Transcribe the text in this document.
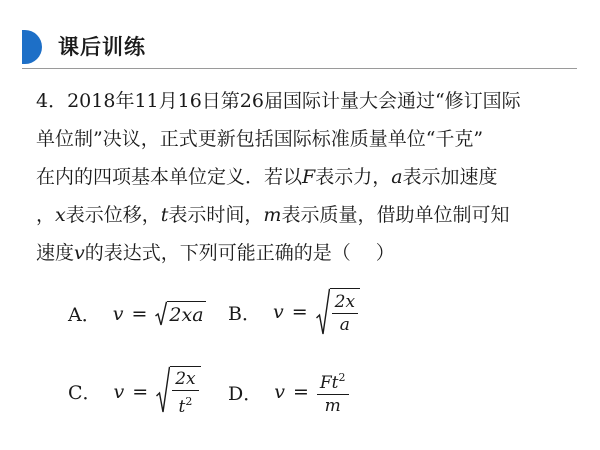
课后训练
4．2018年11月16日第26届国际计量大会通过“修订国际
单位制”决议，正式更新包括国际标准质量单位“千克”
在内的四项基本单位定义．若以F表示力，a表示加速度
，x表示位移，t表示时间，m表示质量，借助单位制可知
速度v的表达式，下列可能正确的是（　 ）
A． v = 2xa B． $v = \frac{2x}{a}$
C． $v = \frac{2x}{t^2}$ D． $v = \frac{Ft^2}{m}$
